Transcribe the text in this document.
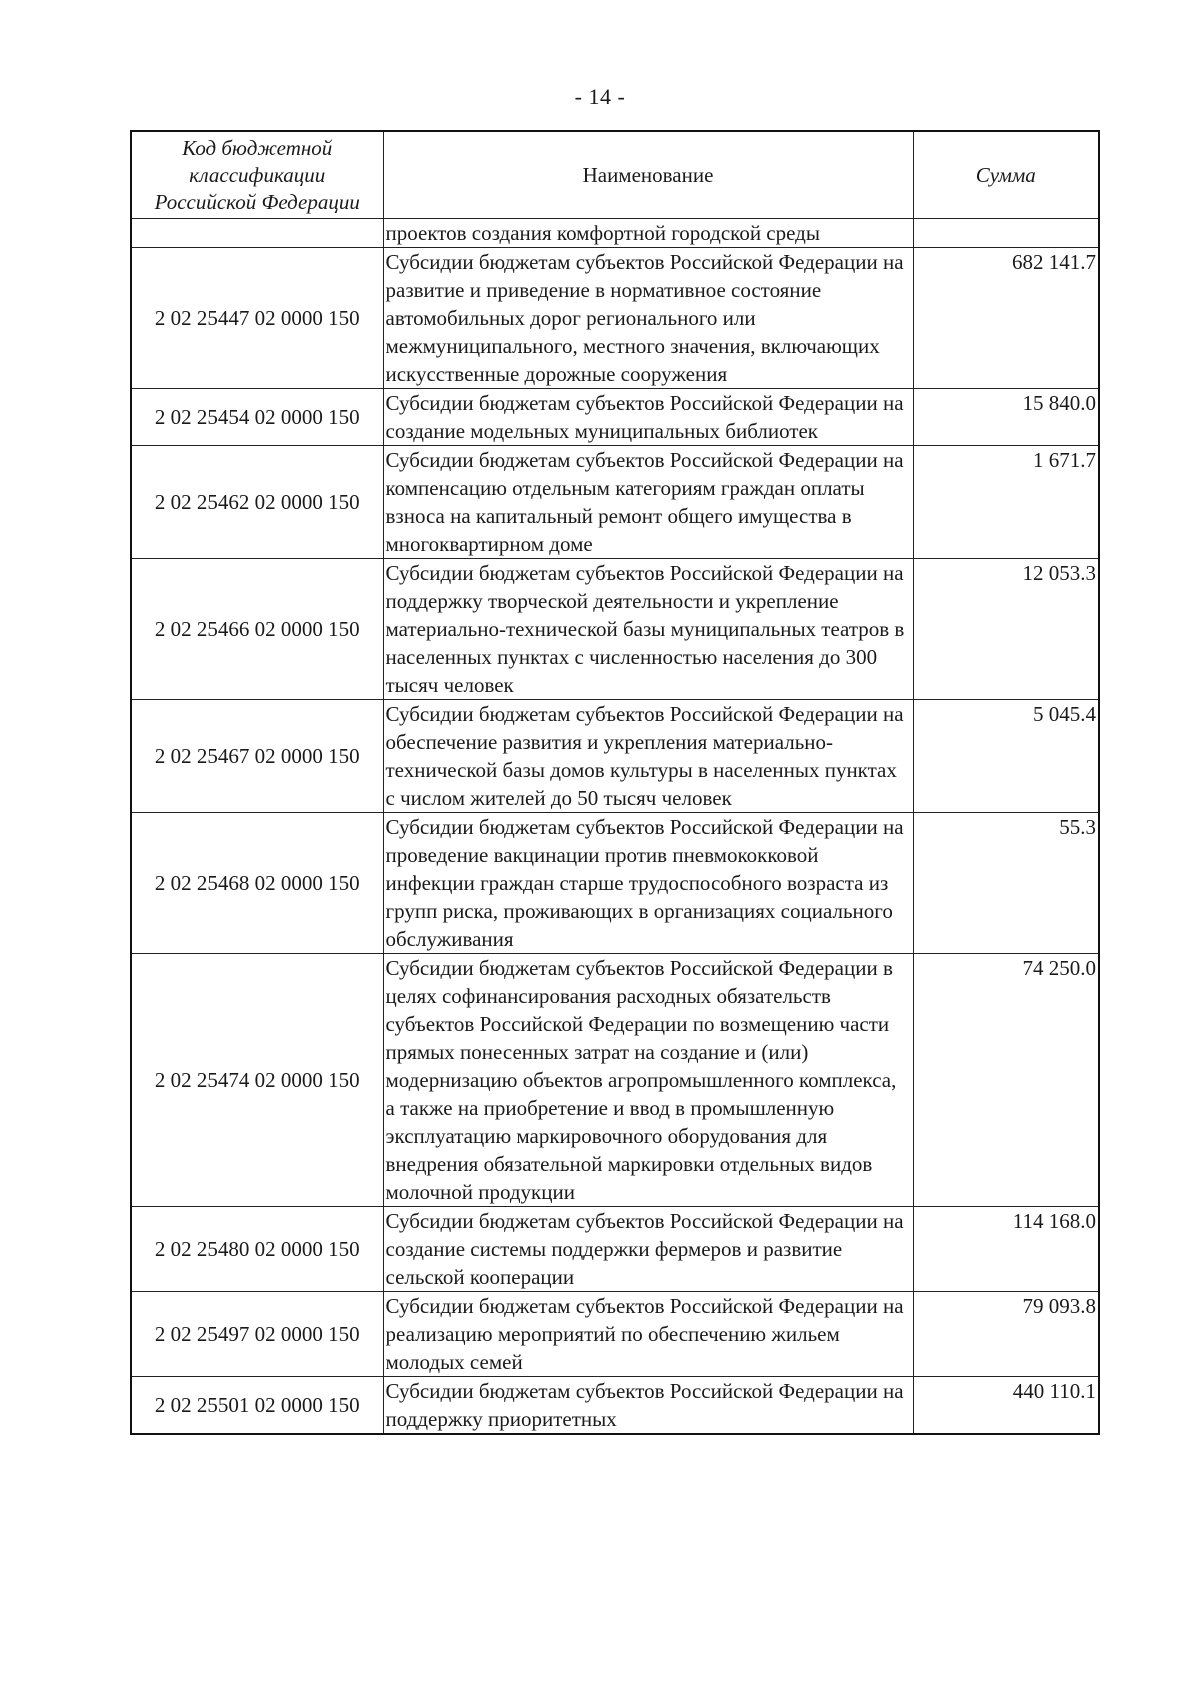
- 14 -
Код бюджетной классификации Российской Федерации	Наименование	Сумма
	проектов создания комфортной городской среды	
2 02 25447 02 0000 150	Субсидии бюджетам субъектов Российской Федерации на развитие и приведение в нормативное состояние автомобильных дорог регионального или межмуниципального, местного значения, включающих искусственные дорожные сооружения	682 141.7
2 02 25454 02 0000 150	Субсидии бюджетам субъектов Российской Федерации на создание модельных муниципальных библиотек	15 840.0
2 02 25462 02 0000 150	Субсидии бюджетам субъектов Российской Федерации на компенсацию отдельным категориям граждан оплаты взноса на капитальный ремонт общего имущества в многоквартирном доме	1 671.7
2 02 25466 02 0000 150	Субсидии бюджетам субъектов Российской Федерации на поддержку творческой деятельности и укрепление материально-технической базы муниципальных театров в населенных пунктах с численностью населения до 300 тысяч человек	12 053.3
2 02 25467 02 0000 150	Субсидии бюджетам субъектов Российской Федерации на обеспечение развития и укрепления материально-технической базы домов культуры в населенных пунктах с числом жителей до 50 тысяч человек	5 045.4
2 02 25468 02 0000 150	Субсидии бюджетам субъектов Российской Федерации на проведение вакцинации против пневмококковой инфекции граждан старше трудоспособного возраста из групп риска, проживающих в организациях социального обслуживания	55.3
2 02 25474 02 0000 150	Субсидии бюджетам субъектов Российской Федерации в целях софинансирования расходных обязательств субъектов Российской Федерации по возмещению части прямых понесенных затрат на создание и (или) модернизацию объектов агропромышленного комплекса, а также на приобретение и ввод в промышленную эксплуатацию маркировочного оборудования для внедрения обязательной маркировки отдельных видов молочной продукции	74 250.0
2 02 25480 02 0000 150	Субсидии бюджетам субъектов Российской Федерации на создание системы поддержки фермеров и развитие сельской кооперации	114 168.0
2 02 25497 02 0000 150	Субсидии бюджетам субъектов Российской Федерации на реализацию мероприятий по обеспечению жильем молодых семей	79 093.8
2 02 25501 02 0000 150	Субсидии бюджетам субъектов Российской Федерации на поддержку приоритетных	440 110.1
